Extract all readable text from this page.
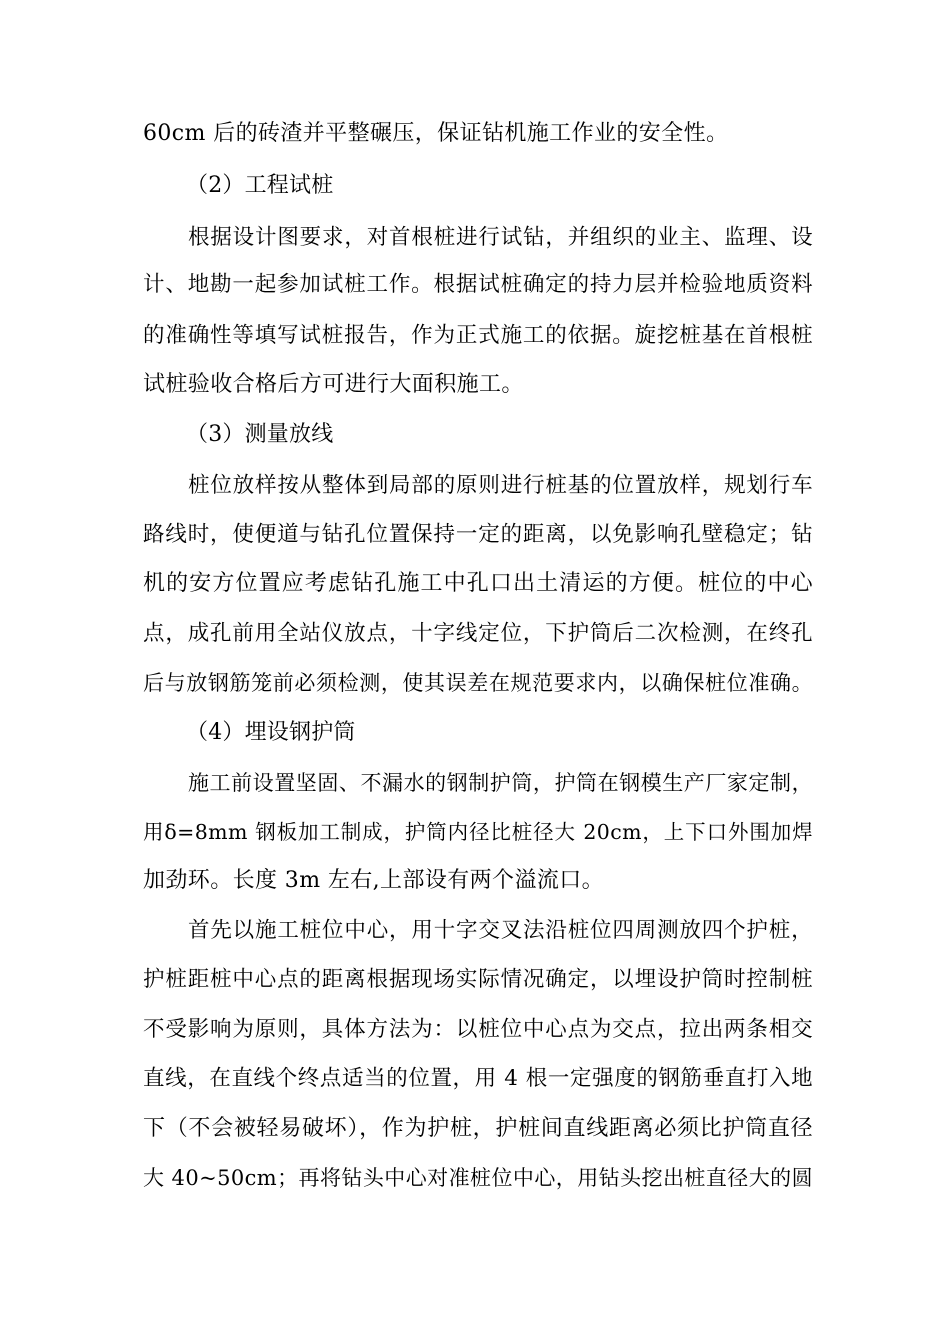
60cm 后的砖渣并平整碾压，保证钻机施工作业的安全性。
（2）工程试桩
根据设计图要求，对首根桩进行试钻，并组织的业主、监理、设
计、地勘一起参加试桩工作。根据试桩确定的持力层并检验地质资料
的准确性等填写试桩报告，作为正式施工的依据。旋挖桩基在首根桩
试桩验收合格后方可进行大面积施工。
（3）测量放线
桩位放样按从整体到局部的原则进行桩基的位置放样，规划行车
路线时，使便道与钻孔位置保持一定的距离，以免影响孔壁稳定；钻
机的安方位置应考虑钻孔施工中孔口出土清运的方便。桩位的中心
点，成孔前用全站仪放点，十字线定位，下护筒后二次检测，在终孔
后与放钢筋笼前必须检测，使其误差在规范要求内，以确保桩位准确。
（4）埋设钢护筒
施工前设置坚固、不漏水的钢制护筒，护筒在钢模生产厂家定制，
用δ=8mm 钢板加工制成，护筒内径比桩径大 20cm，上下口外围加焊
加劲环。长度 3m 左右,上部设有两个溢流口。
首先以施工桩位中心，用十字交叉法沿桩位四周测放四个护桩，
护桩距桩中心点的距离根据现场实际情况确定，以埋设护筒时控制桩
不受影响为原则，具体方法为：以桩位中心点为交点，拉出两条相交
直线，在直线个终点适当的位置，用 4 根一定强度的钢筋垂直打入地
下（不会被轻易破坏），作为护桩，护桩间直线距离必须比护筒直径
大 40~50cm；再将钻头中心对准桩位中心，用钻头挖出桩直径大的圆
